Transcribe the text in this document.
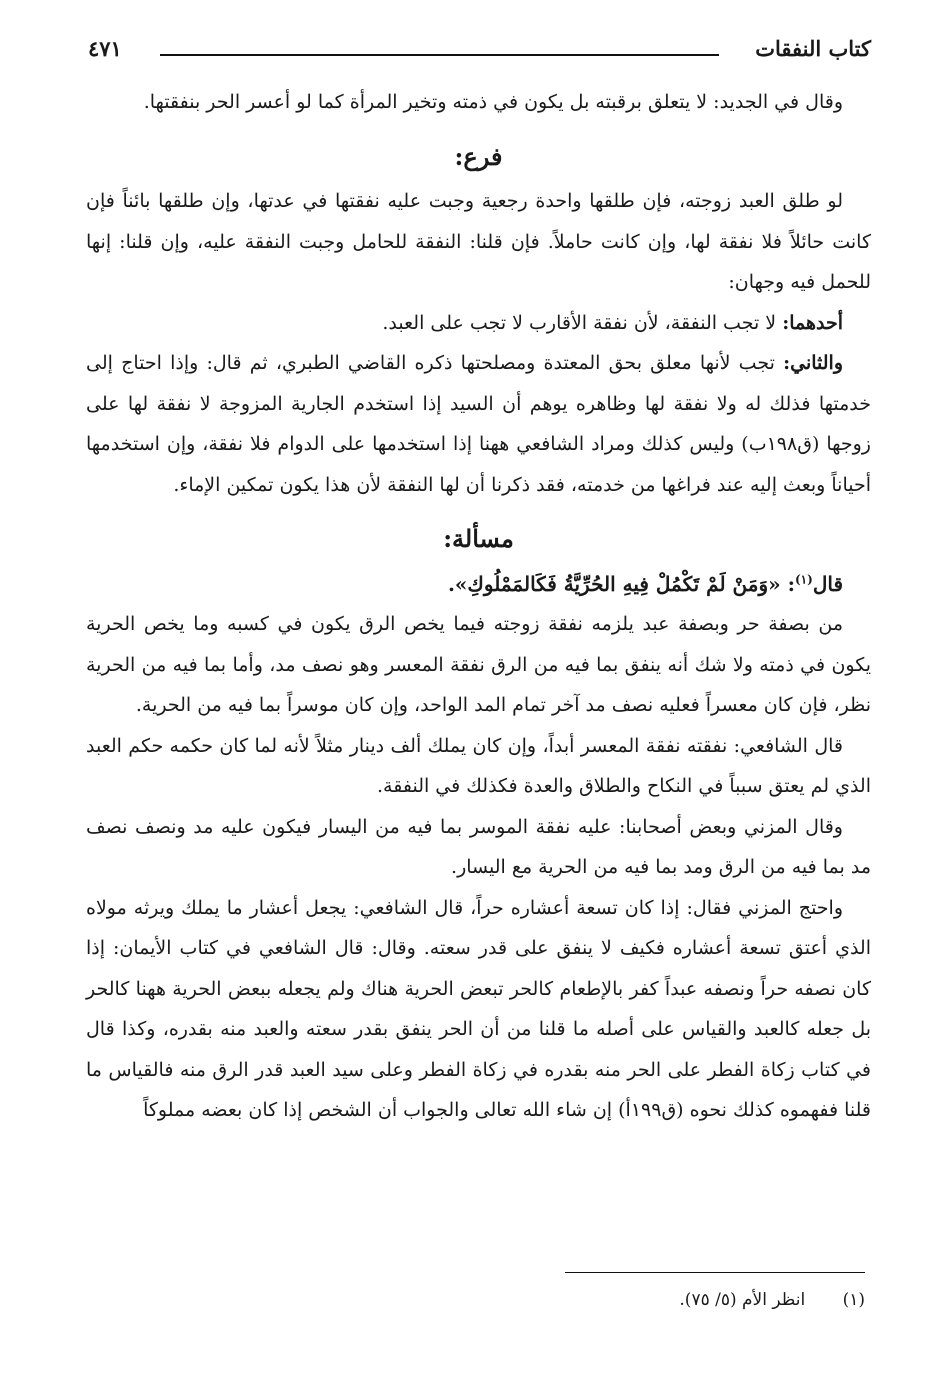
كتاب النفقات
٤٧١

وقال في الجديد: لا يتعلق برقبته بل يكون في ذمته وتخير المرأة كما لو أعسر الحر بنفقتها.

فرع:

لو طلق العبد زوجته، فإن طلقها واحدة رجعية وجبت عليه نفقتها في عدتها، وإن طلقها بائناً فإن كانت حائلاً فلا نفقة لها، وإن كانت حاملاً. فإن قلنا: النفقة للحامل وجبت النفقة عليه، وإن قلنا: إنها للحمل فيه وجهان:

أحدهما: لا تجب النفقة، لأن نفقة الأقارب لا تجب على العبد.

والثاني: تجب لأنها معلق بحق المعتدة ومصلحتها ذكره القاضي الطبري، ثم قال: وإذا احتاج إلى خدمتها فذلك له ولا نفقة لها وظاهره يوهم أن السيد إذا استخدم الجارية المزوجة لا نفقة لها على زوجها (ق١٩٨ب) وليس كذلك ومراد الشافعي ههنا إذا استخدمها على الدوام فلا نفقة، وإن استخدمها أحياناً وبعث إليه عند فراغها من خدمته، فقد ذكرنا أن لها النفقة لأن هذا يكون تمكين الإماء.

مسألة:

قال$^{(١)}$: «وَمَنْ لَمْ تَكْمُلْ فِيهِ الحُرِّيَّةُ فَكَالمَمْلُوكِ».

من بصفة حر وبصفة عبد يلزمه نفقة زوجته فيما يخص الرق يكون في كسبه وما يخص الحرية يكون في ذمته ولا شك أنه ينفق بما فيه من الرق نفقة المعسر وهو نصف مد، وأما بما فيه من الحرية نظر، فإن كان معسراً فعليه نصف مد آخر تمام المد الواحد، وإن كان موسراً بما فيه من الحرية.

قال الشافعي: نفقته نفقة المعسر أبداً، وإن كان يملك ألف دينار مثلاً لأنه لما كان حكمه حكم العبد الذي لم يعتق سبباً في النكاح والطلاق والعدة فكذلك في النفقة.

وقال المزني وبعض أصحابنا: عليه نفقة الموسر بما فيه من اليسار فيكون عليه مد ونصف نصف مد بما فيه من الرق ومد بما فيه من الحرية مع اليسار.

واحتج المزني فقال: إذا كان تسعة أعشاره حراً، قال الشافعي: يجعل أعشار ما يملك ويرثه مولاه الذي أعتق تسعة أعشاره فكيف لا ينفق على قدر سعته. وقال: قال الشافعي في كتاب الأيمان: إذا كان نصفه حراً ونصفه عبداً كفر بالإطعام كالحر تبعض الحرية هناك ولم يجعله ببعض الحرية ههنا كالحر بل جعله كالعبد والقياس على أصله ما قلنا من أن الحر ينفق بقدر سعته والعبد منه بقدره، وكذا قال في كتاب زكاة الفطر على الحر منه بقدره في زكاة الفطر وعلى سيد العبد قدر الرق منه فالقياس ما قلنا ففهموه كذلك نحوه (ق١٩٩أ) إن شاء الله تعالى والجواب أن الشخص إذا كان بعضه مملوكاً

(١) انظر الأم (٥/ ٧٥).
